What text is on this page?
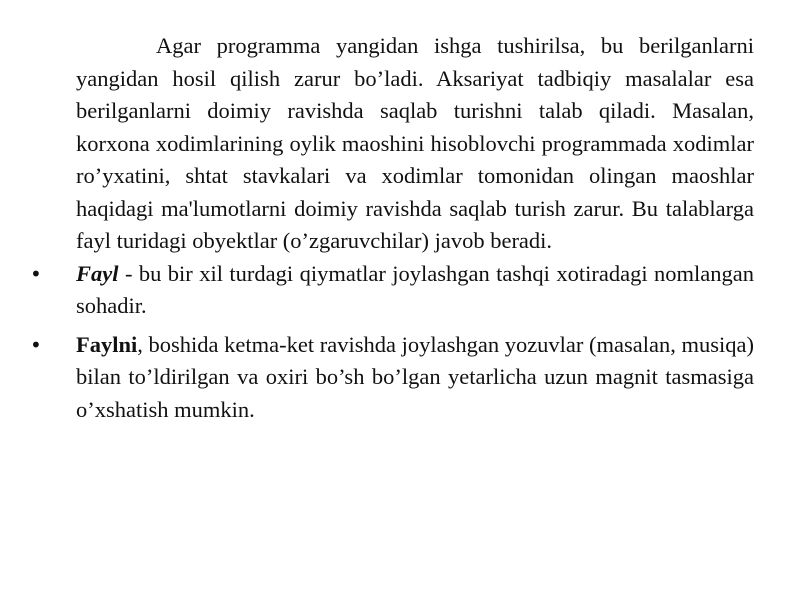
Agar programma yangidan ishga tushirilsa, bu berilganlarni yangidan hosil qilish zarur bo’ladi. Aksariyat tadbiqiy masalalar esa berilganlarni doimiy ravishda saqlab turishni talab qiladi. Masalan, korxona xodimlarining oylik maoshini hisoblovchi programmada xodimlar ro’yxatini, shtat stavkalari va xodimlar tomonidan olingan maoshlar haqidagi ma'lumotlarni doimiy ravishda saqlab turish zarur. Bu talablarga fayl turidagi obyektlar (o’zgaruvchilar) javob beradi.

• Fayl - bu bir xil turdagi qiymatlar joylashgan tashqi xotiradagi nomlangan sohadir.

• Faylni, boshida ketma-ket ravishda joylashgan yozuvlar (masalan, musiqa) bilan to’ldirilgan va oxiri bo’sh bo’lgan yetarlicha uzun magnit tasmasiga o’xshatish mumkin.
